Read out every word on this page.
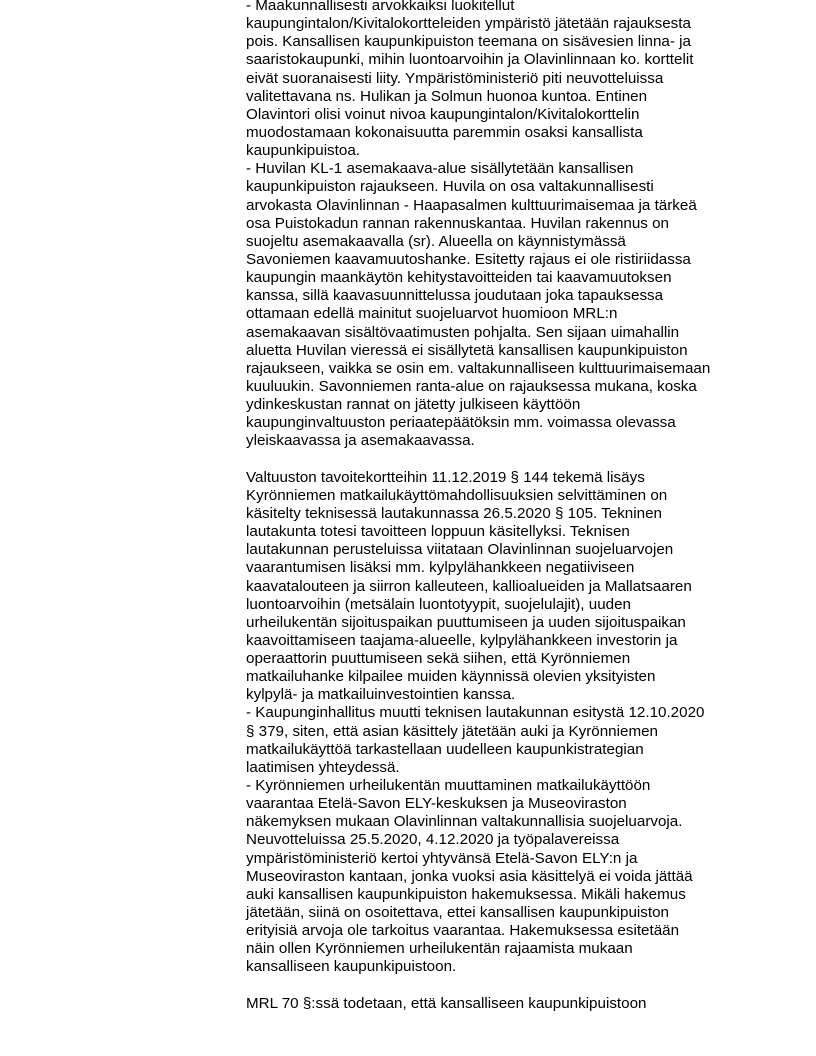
- Maakunnallisesti arvokkaiksi luokitellut
kaupungintalon/Kivitalokortteleiden ympäristö jätetään rajauksesta
pois. Kansallisen kaupunkipuiston teemana on sisävesien linna- ja
saaristokaupunki, mihin luontoarvoihin ja Olavinlinnaan ko. korttelit
eivät suoranaisesti liity. Ympäristöministeriö piti neuvotteluissa
valitettavana ns. Hulikan ja Solmun huonoa kuntoa. Entinen
Olavintori olisi voinut nivoa kaupungintalon/Kivitalokorttelin
muodostamaan kokonaisuutta paremmin osaksi kansallista
kaupunkipuistoa.
- Huvilan KL-1 asemakaava-alue sisällytetään kansallisen
kaupunkipuiston rajaukseen. Huvila on osa valtakunnallisesti
arvokasta Olavinlinnan - Haapasalmen kulttuurimaisemaa ja tärkeä
osa Puistokadun rannan rakennuskantaa. Huvilan rakennus on
suojeltu asemakaavalla (sr). Alueella on käynnistymässä
Savoniemen kaavamuutoshanke. Esitetty rajaus ei ole ristiriidassa
kaupungin maankäytön kehitystavoitteiden tai kaavamuutoksen
kanssa, sillä kaavasuunnittelussa joudutaan joka tapauksessa
ottamaan edellä mainitut suojeluarvot huomioon MRL:n
asemakaavan sisältövaatimusten pohjalta. Sen sijaan uimahallin
aluetta Huvilan vieressä ei sisällytetä kansallisen kaupunkipuiston
rajaukseen, vaikka se osin em. valtakunnalliseen kulttuurimaisemaan
kuuluukin. Savonniemen ranta-alue on rajauksessa mukana, koska
ydinkeskustan rannat on jätetty julkiseen käyttöön
kaupunginvaltuuston periaatepäätöksin mm. voimassa olevassa
yleiskaavassa ja asemakaavassa.
Valtuuston tavoitekortteihin 11.12.2019 § 144 tekemä lisäys
Kyrönniemen matkailukäyttömahdollisuuksien selvittäminen on
käsitelty teknisessä lautakunnassa 26.5.2020 § 105. Tekninen
lautakunta totesi tavoitteen loppuun käsitellyksi. Teknisen
lautakunnan perusteluissa viitataan Olavinlinnan suojeluarvojen
vaarantumisen lisäksi mm. kylpylähankkeen negatiiviseen
kaavatalouteen ja siirron kalleuteen, kallioalueiden ja Mallatsaaren
luontoarvoihin (metsälain luontotyypit, suojelulajit), uuden
urheilukentän sijoituspaikan puuttumiseen ja uuden sijoituspaikan
kaavoittamiseen taajama-alueelle, kylpylähankkeen investorin ja
operaattorin puuttumiseen sekä siihen, että Kyrönniemen
matkailuhanke kilpailee muiden käynnissä olevien yksityisten
kylpylä- ja matkailuinvestointien kanssa.
- Kaupunginhallitus muutti teknisen lautakunnan esitystä 12.10.2020
§ 379, siten, että asian käsittely jätetään auki ja Kyrönniemen
matkailukäyttöä tarkastellaan uudelleen kaupunkistrategian
laatimisen yhteydessä.
- Kyrönniemen urheilukentän muuttaminen matkailukäyttöön
vaarantaa Etelä-Savon ELY-keskuksen ja Museoviraston
näkemyksen mukaan Olavinlinnan valtakunnallisia suojeluarvoja.
Neuvotteluissa 25.5.2020, 4.12.2020 ja työpalavereissa
ympäristöministeriö kertoi yhtyvänsä Etelä-Savon ELY:n ja
Museoviraston kantaan, jonka vuoksi asia käsittelyä ei voida jättää
auki kansallisen kaupunkipuiston hakemuksessa. Mikäli hakemus
jätetään, siinä on osoitettava, ettei kansallisen kaupunkipuiston
erityisiä arvoja ole tarkoitus vaarantaa. Hakemuksessa esitetään
näin ollen Kyrönniemen urheilukentän rajaamista mukaan
kansalliseen kaupunkipuistoon.
MRL 70 §:ssä todetaan, että kansalliseen kaupunkipuistoon
